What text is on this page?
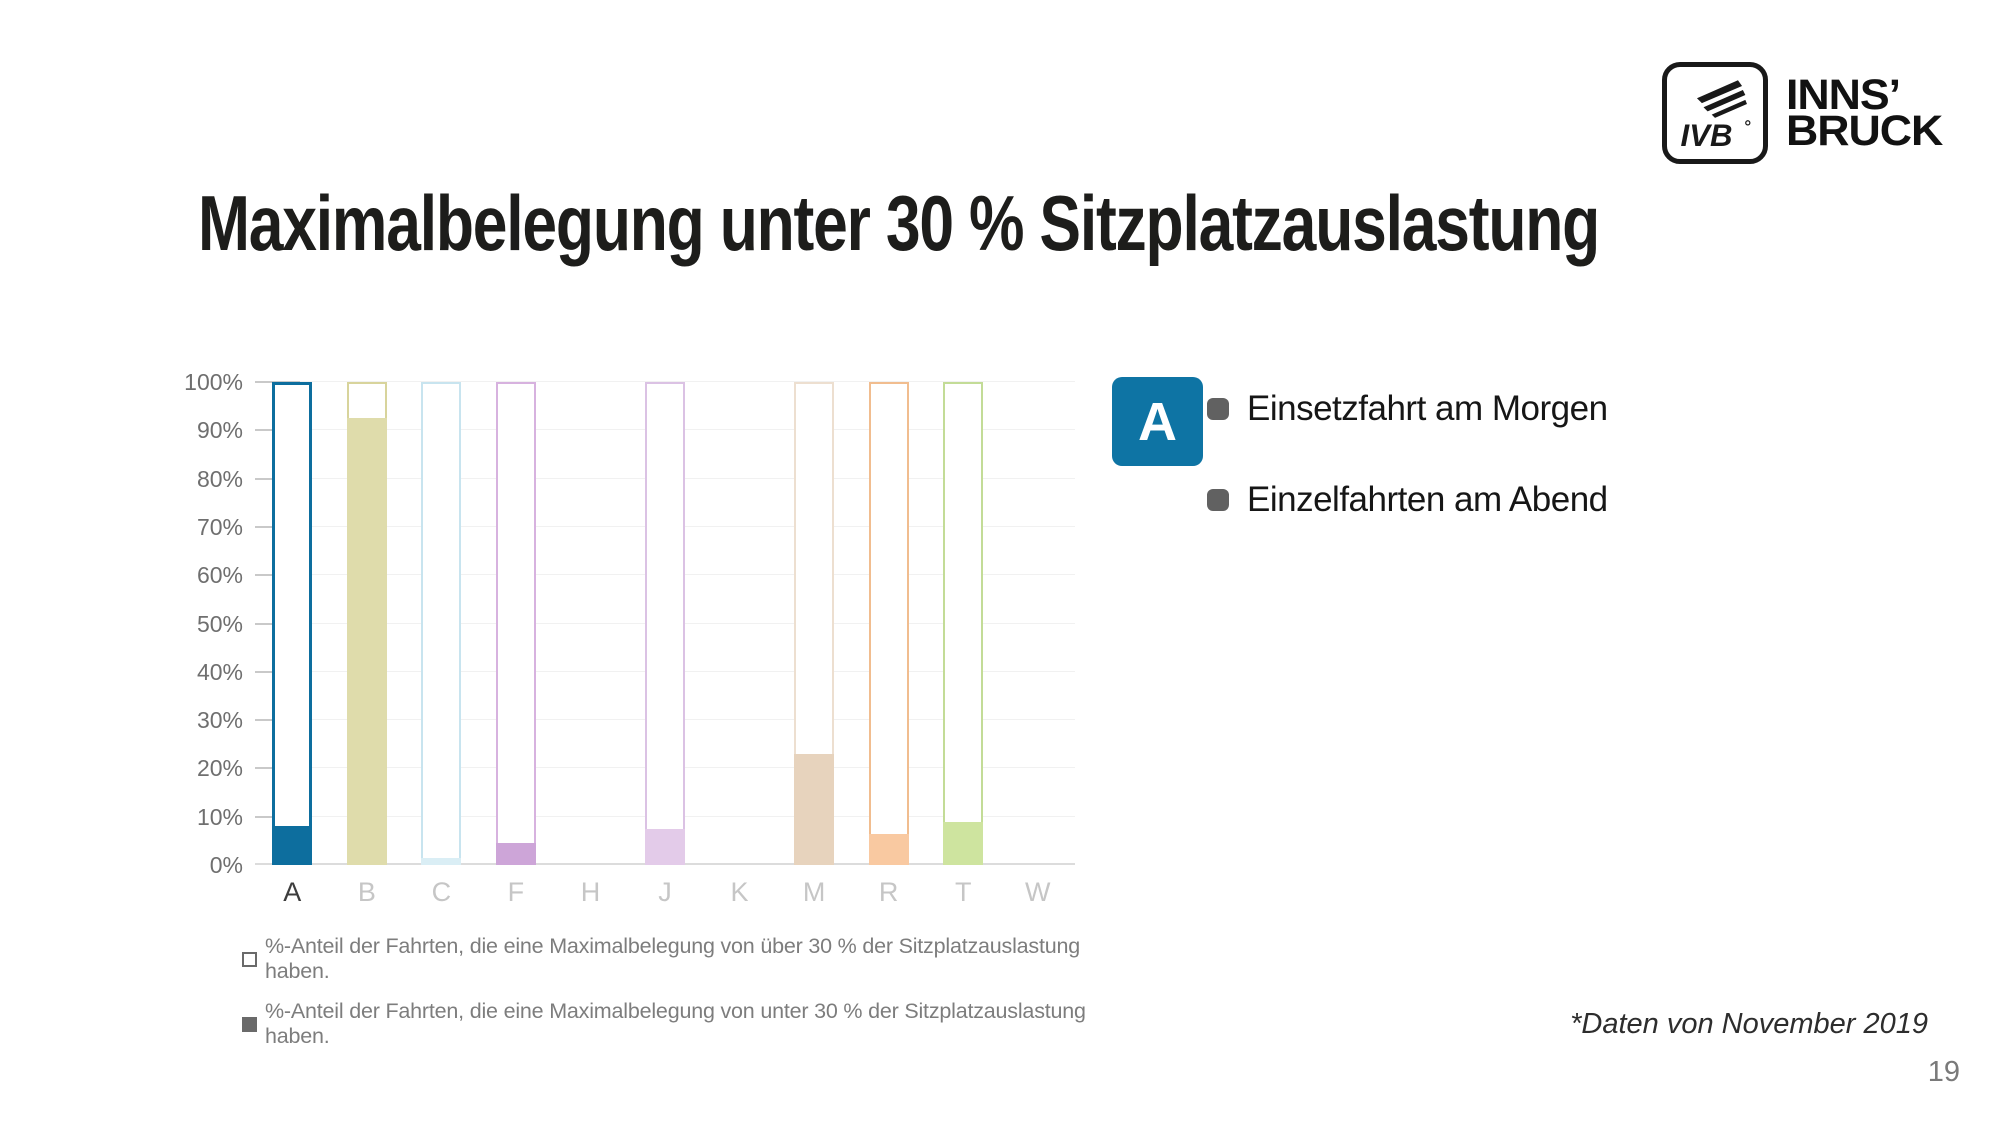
IVB
INNS’
BRUCK
Maximalbelegung unter 30 % Sitzplatzauslastung
0%
10%
20%
30%
40%
50%
60%
70%
80%
90%
100%
A	B	C	F	H	J	K	M	R	T	W
%-Anteil der Fahrten, die eine Maximalbelegung von über 30 % der Sitzplatzauslastung haben.
%-Anteil der Fahrten, die eine Maximalbelegung von unter 30 % der Sitzplatzauslastung haben.
A	Einsetzfahrt am Morgen
Einzelfahrten am Abend
*Daten von November 2019
19
